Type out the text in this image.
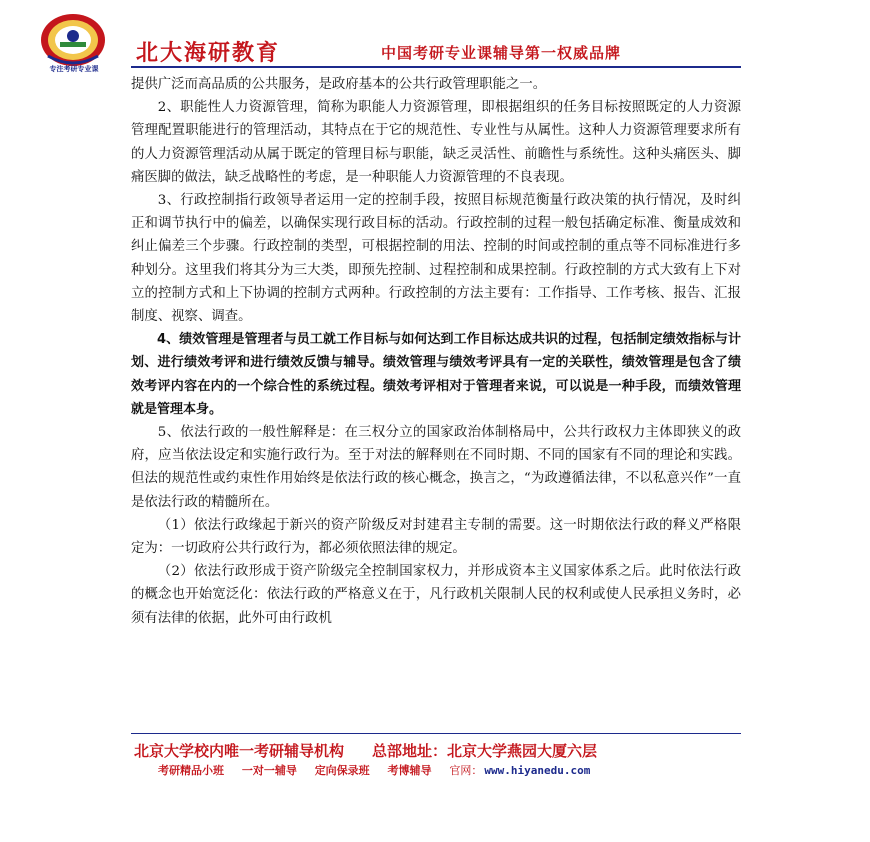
专注考研专业课
北大海研教育	中国考研专业课辅导第一权威品牌

提供广泛而高品质的公共服务，是政府基本的公共行政管理职能之一。

2、职能性人力资源管理，简称为职能人力资源管理，即根据组织的任务目标按照既定的人力资源管理配置职能进行的管理活动，其特点在于它的规范性、专业性与从属性。这种人力资源管理要求所有的人力资源管理活动从属于既定的管理目标与职能，缺乏灵活性、前瞻性与系统性。这种头痛医头、脚痛医脚的做法，缺乏战略性的考虑，是一种职能人力资源管理的不良表现。

3、行政控制指行政领导者运用一定的控制手段，按照目标规范衡量行政决策的执行情况，及时纠正和调节执行中的偏差，以确保实现行政目标的活动。行政控制的过程一般包括确定标准、衡量成效和纠止偏差三个步骤。行政控制的类型，可根据控制的用法、控制的时间或控制的重点等不同标准进行多种划分。这里我们将其分为三大类，即预先控制、过程控制和成果控制。行政控制的方式大致有上下对立的控制方式和上下协调的控制方式两种。行政控制的方法主要有：工作指导、工作考核、报告、汇报制度、视察、调查。

4、绩效管理是管理者与员工就工作目标与如何达到工作目标达成共识的过程，包括制定绩效指标与计划、进行绩效考评和进行绩效反馈与辅导。绩效管理与绩效考评具有一定的关联性，绩效管理是包含了绩效考评内容在内的一个综合性的系统过程。绩效考评相对于管理者来说，可以说是一种手段，而绩效管理就是管理本身。

5、依法行政的一般性解释是：在三权分立的国家政治体制格局中，公共行政权力主体即狭义的政府，应当依法设定和实施行政行为。至于对法的解释则在不同时期、不同的国家有不同的理论和实践。但法的规范性或约束性作用始终是依法行政的核心概念，换言之，“为政遵循法律，不以私意兴作”一直是依法行政的精髓所在。

（1）依法行政缘起于新兴的资产阶级反对封建君主专制的需要。这一时期依法行政的释义严格限定为：一切政府公共行政行为，都必须依照法律的规定。

（2）依法行政形成于资产阶级完全控制国家权力，并形成资本主义国家体系之后。此时依法行政的概念也开始宽泛化：依法行政的严格意义在于，凡行政机关限制人民的权利或使人民承担义务时，必须有法律的依据，此外可由行政机

北京大学校内唯一考研辅导机构 总部地址：北京大学燕园大厦六层
考研精品小班 一对一辅导 定向保录班 考博辅导 官网： www.hiyanedu.com
